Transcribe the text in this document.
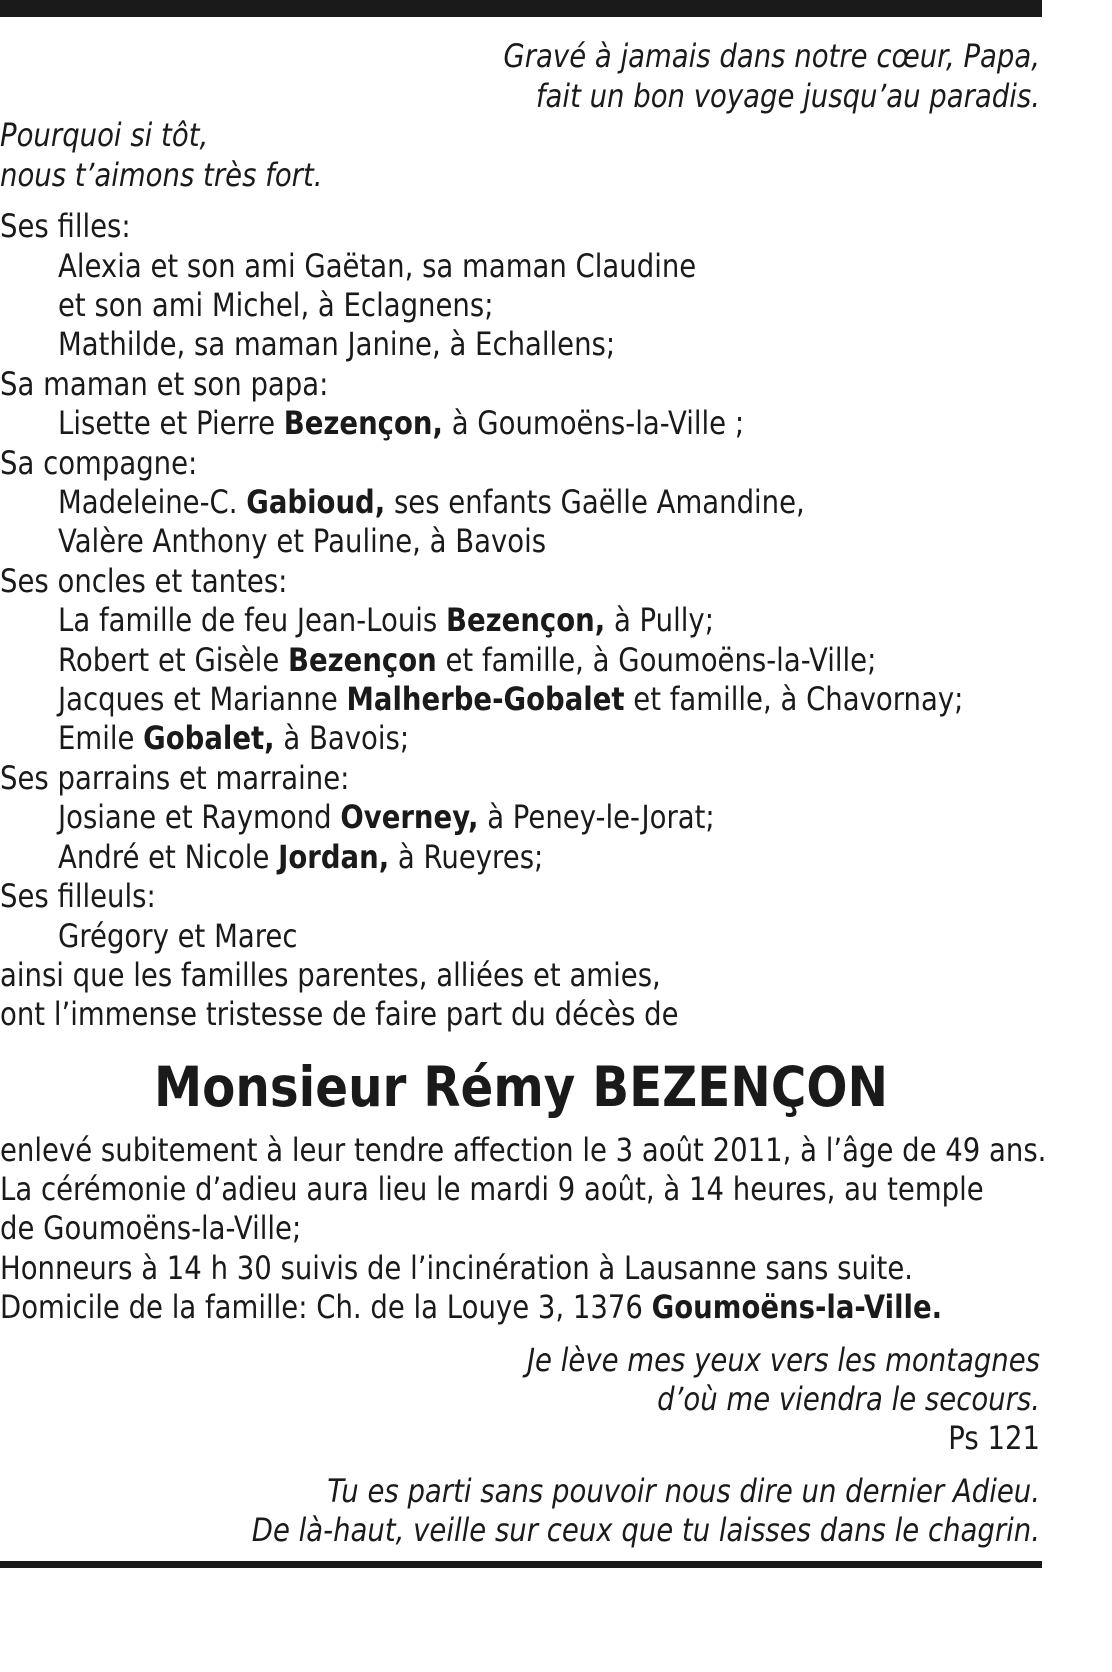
Gravé à jamais dans notre cœur, Papa,
fait un bon voyage jusqu’au paradis.
Pourquoi si tôt,
nous t’aimons très fort.
Ses filles:
Alexia et son ami Gaëtan, sa maman Claudine
et son ami Michel, à Eclagnens;
Mathilde, sa maman Janine, à Echallens;
Sa maman et son papa:
Lisette et Pierre Bezençon, à Goumoëns-la-Ville ;
Sa compagne:
Madeleine-C. Gabioud, ses enfants Gaëlle Amandine,
Valère Anthony et Pauline, à Bavois
Ses oncles et tantes:
La famille de feu Jean-Louis Bezençon, à Pully;
Robert et Gisèle Bezençon et famille, à Goumoëns-la-Ville;
Jacques et Marianne Malherbe-Gobalet et famille, à Chavornay;
Emile Gobalet, à Bavois;
Ses parrains et marraine:
Josiane et Raymond Overney, à Peney-le-Jorat;
André et Nicole Jordan, à Rueyres;
Ses filleuls:
Grégory et Marec
ainsi que les familles parentes, alliées et amies,
ont l’immense tristesse de faire part du décès de
Monsieur Rémy BEZENÇON
enlevé subitement à leur tendre affection le 3 août 2011, à l’âge de 49 ans.
La cérémonie d’adieu aura lieu le mardi 9 août, à 14 heures, au temple
de Goumoëns-la-Ville;
Honneurs à 14 h 30 suivis de l’incinération à Lausanne sans suite.
Domicile de la famille: Ch. de la Louye 3, 1376 Goumoëns-la-Ville.
Je lève mes yeux vers les montagnes
d’où me viendra le secours.
Ps 121
Tu es parti sans pouvoir nous dire un dernier Adieu.
De là-haut, veille sur ceux que tu laisses dans le chagrin.
